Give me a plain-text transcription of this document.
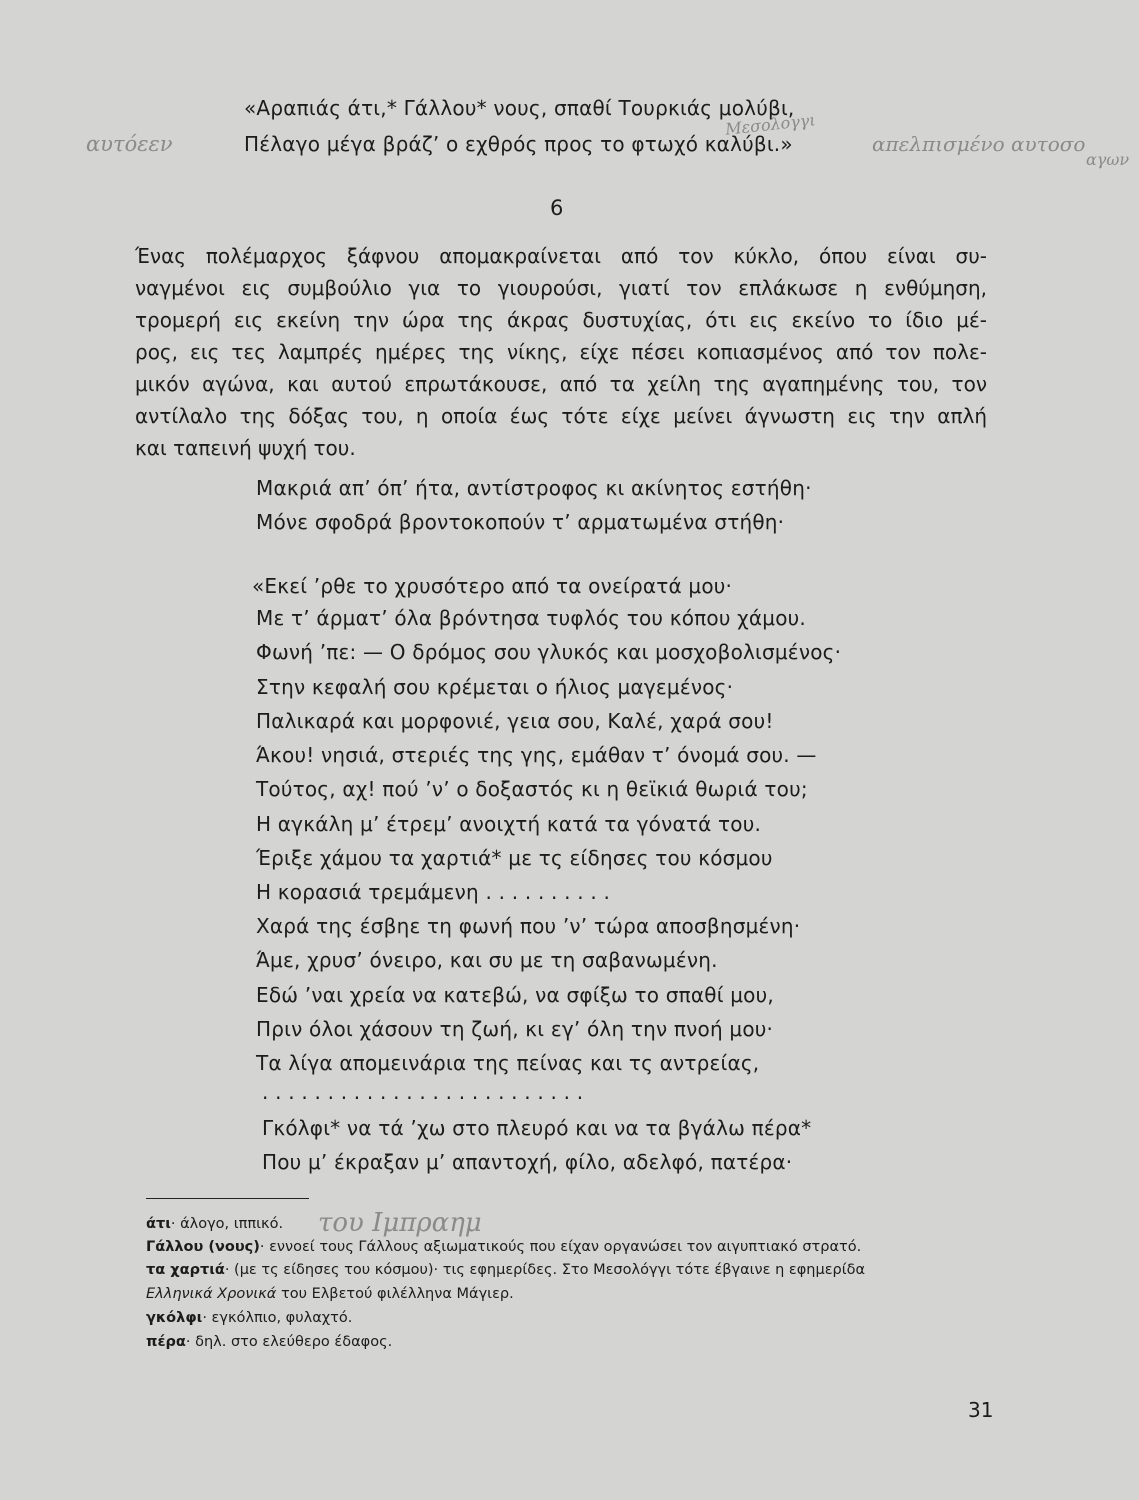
αυτόεεν
Μεσολογγι
απελπισμένο αυτοσο
αγων
«Αραπιάς άτι,* Γάλλου* νους, σπαθί Τουρκιάς μολύβι,
Πέλαγο μέγα βράζ’ ο εχθρός προς το φτωχό καλύβι.»
6
Ένας πολέμαρχος ξάφνου απομακραίνεται από τον κύκλο, όπου είναι συ-
ναγμένοι εις συμβούλιο για το γιουρούσι, γιατί τον επλάκωσε η ενθύμηση,
τρομερή εις εκείνη την ώρα της άκρας δυστυχίας, ότι εις εκείνο το ίδιο μέ-
ρος, εις τες λαμπρές ημέρες της νίκης, είχε πέσει κοπιασμένος από τον πολε-
μικόν αγώνα, και αυτού επρωτάκουσε, από τα χείλη της αγαπημένης του, τον
αντίλαλο της δόξας του, η οποία έως τότε είχε μείνει άγνωστη εις την απλή
και ταπεινή ψυχή του.
Μακριά απ’ όπ’ ήτα, αντίστροφος κι ακίνητος εστήθη·
Μόνε σφοδρά βροντοκοπούν τ’ αρματωμένα στήθη·
«Εκεί ’ρθε το χρυσότερο από τα ονείρατά μου·
Με τ’ άρματ’ όλα βρόντησα τυφλός του κόπου χάμου.
Φωνή ’πε: — Ο δρόμος σου γλυκός και μοσχοβολισμένος·
Στην κεφαλή σου κρέμεται ο ήλιος μαγεμένος·
Παλικαρά και μορφονιέ, γεια σου, Καλέ, χαρά σου!
Άκου! νησιά, στεριές της γης, εμάθαν τ’ όνομά σου. —
Τούτος, αχ! πού ’ν’ ο δοξαστός κι η θεϊκιά θωριά του;
Η αγκάλη μ’ έτρεμ’ ανοιχτή κατά τα γόνατά του.
Έριξε χάμου τα χαρτιά* με τς είδησες του κόσμου
Η κορασιά τρεμάμενη . . . . . . . . . .
Χαρά της έσβηε τη φωνή που ’ν’ τώρα αποσβησμένη·
Άμε, χρυσ’ όνειρο, και συ με τη σαβανωμένη.
Εδώ ’ναι χρεία να κατεβώ, να σφίξω το σπαθί μου,
Πριν όλοι χάσουν τη ζωή, κι εγ’ όλη την πνοή μου·
Τα λίγα απομεινάρια της πείνας και τς αντρείας,
. . . . . . . . . . . . . . . . . . . . . . . . .
Γκόλφι* να τά ’χω στο πλευρό και να τα βγάλω πέρα*
Που μ’ έκραξαν μ’ απαντοχή, φίλο, αδελφό, πατέρα·
του Ιμπραημ
άτι· άλογο, ιππικό.
Γάλλου (νους)· εννοεί τους Γάλλους αξιωματικούς που είχαν οργανώσει τον αιγυπτιακό στρατό.
τα χαρτιά· (με τς είδησες του κόσμου)· τις εφημερίδες. Στο Μεσολόγγι τότε έβγαινε η εφημερίδα
Ελληνικά Χρονικά του Ελβετού φιλέλληνα Μάγιερ.
γκόλφι· εγκόλπιο, φυλαχτό.
πέρα· δηλ. στο ελεύθερο έδαφος.
31
